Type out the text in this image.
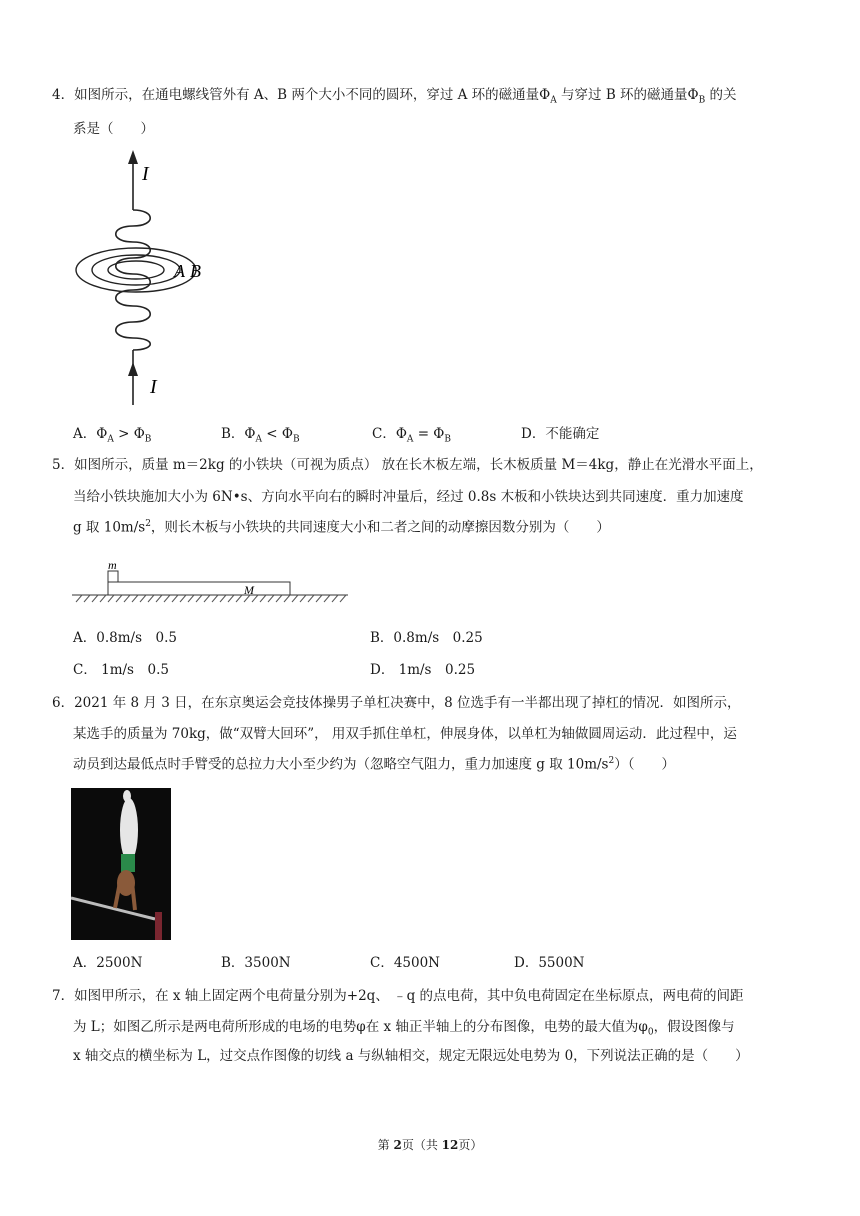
4．如图所示，在通电螺线管外有 A、B 两个大小不同的圆环，穿过 A 环的磁通量$\Phi_A$ 与穿过 B 环的磁通量$\Phi_B$ 的关
系是（　　）
I
I
A B
A．$\Phi_A > \Phi_B$	B．$\Phi_A < \Phi_B$	C．$\Phi_A = \Phi_B$	D．不能确定
5．如图所示，质量 m＝2kg 的小铁块（可视为质点） 放在长木板左端，长木板质量 M＝4kg，静止在光滑水平面上，
当给小铁块施加大小为 6N•s、方向水平向右的瞬时冲量后，经过 0.8s 木板和小铁块达到共同速度．重力加速度
g 取 $10m/s^2$，则长木板与小铁块的共同速度大小和二者之间的动摩擦因数分别为（　　）
m
M
A．0.8m/s　0.5	B．0.8m/s　0.25
C． 1m/s　0.5	D． 1m/s　0.25
6．2021 年 8 月 3 日，在东京奥运会竞技体操男子单杠决赛中，8 位选手有一半都出现了掉杠的情况．如图所示，
某选手的质量为 70kg，做“双臂大回环”， 用双手抓住单杠，伸展身体，以单杠为轴做圆周运动．此过程中，运
动员到达最低点时手臂受的总拉力大小至少约为（忽略空气阻力，重力加速度 g 取 $10m/s^2$）（　　）
A．2500N	B．3500N	C．4500N	D．5500N
7．如图甲所示，在 x 轴上固定两个电荷量分别为+2q、 ﹣q 的点电荷，其中负电荷固定在坐标原点，两电荷的间距
为 L；如图乙所示是两电荷所形成的电场的电势φ在 x 轴正半轴上的分布图像，电势的最大值为$\varphi_0$，假设图像与
x 轴交点的横坐标为 L，过交点作图像的切线 a 与纵轴相交，规定无限远处电势为 0，下列说法正确的是（　　）
第 2页（共 12页）
